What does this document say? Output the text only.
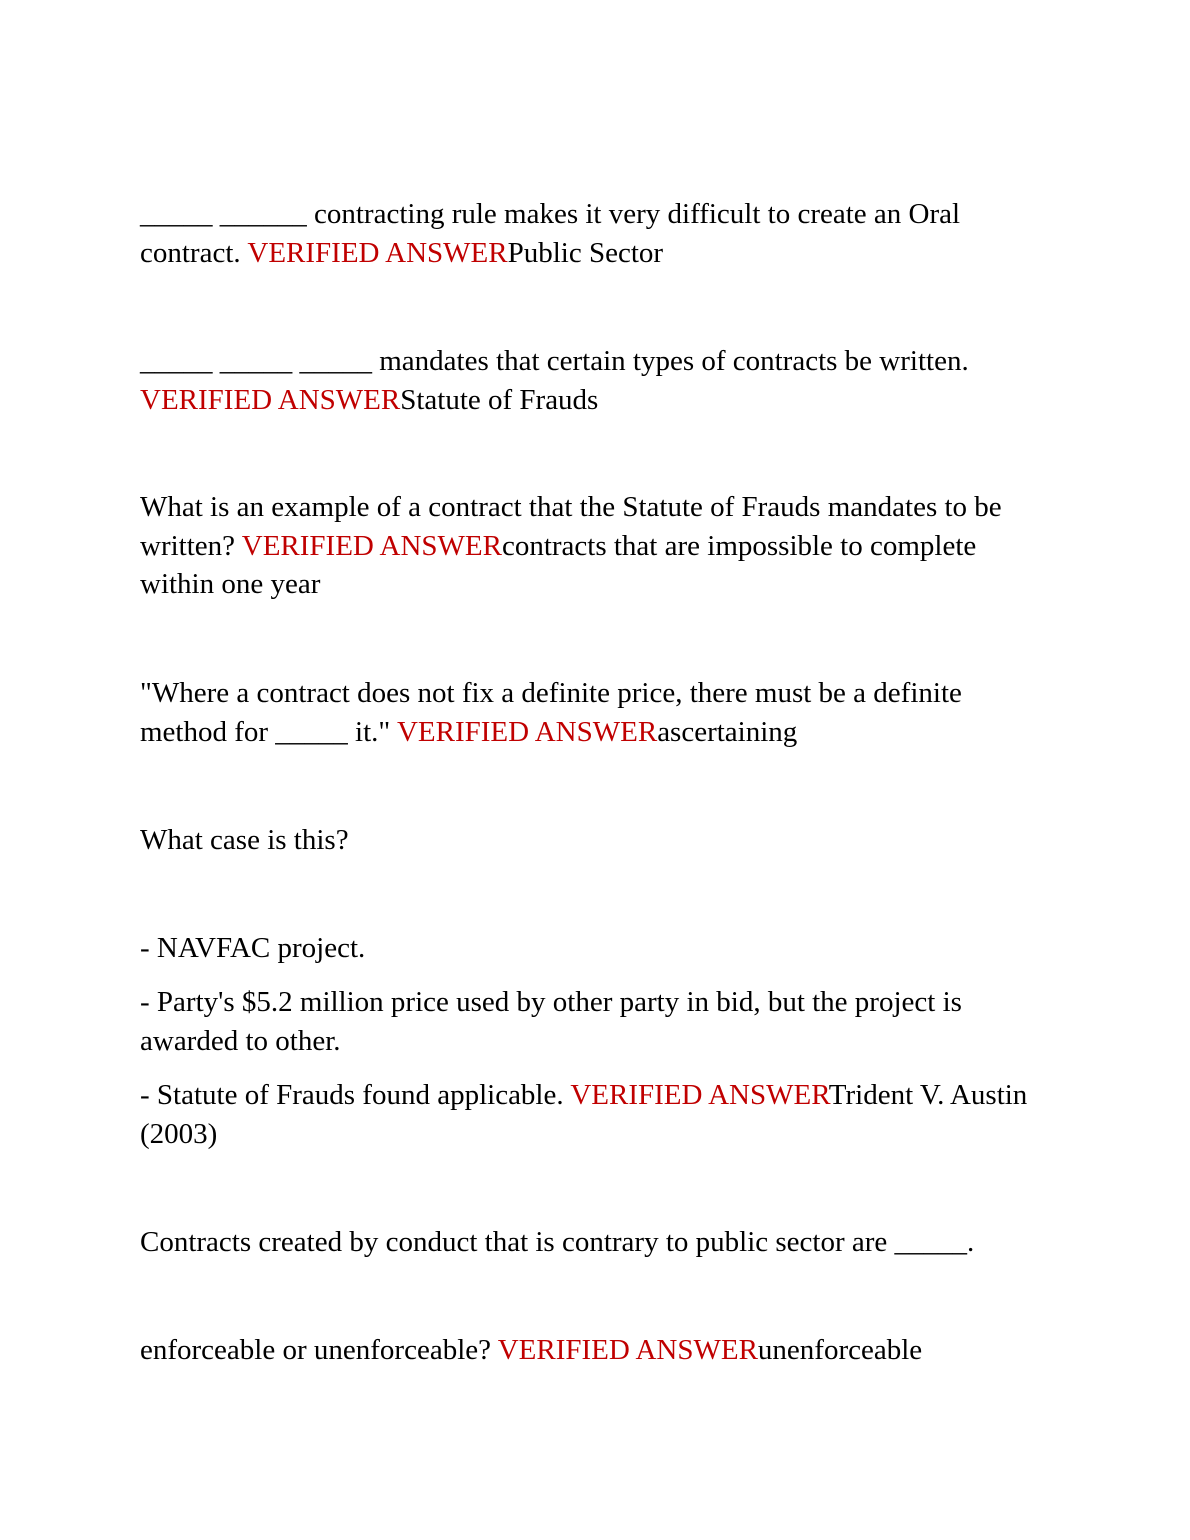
_____ ______ contracting rule makes it very difficult to create an Oral contract. VERIFIED ANSWERPublic Sector

_____ _____ _____ mandates that certain types of contracts be written. VERIFIED ANSWERStatute of Frauds

What is an example of a contract that the Statute of Frauds mandates to be written? VERIFIED ANSWERcontracts that are impossible to complete within one year

"Where a contract does not fix a definite price, there must be a definite method for _____ it." VERIFIED ANSWERascertaining

What case is this?

- NAVFAC project.

- Party's $5.2 million price used by other party in bid, but the project is awarded to other.

- Statute of Frauds found applicable. VERIFIED ANSWERTrident V. Austin (2003)

Contracts created by conduct that is contrary to public sector are _____.

enforceable or unenforceable? VERIFIED ANSWERunenforceable
